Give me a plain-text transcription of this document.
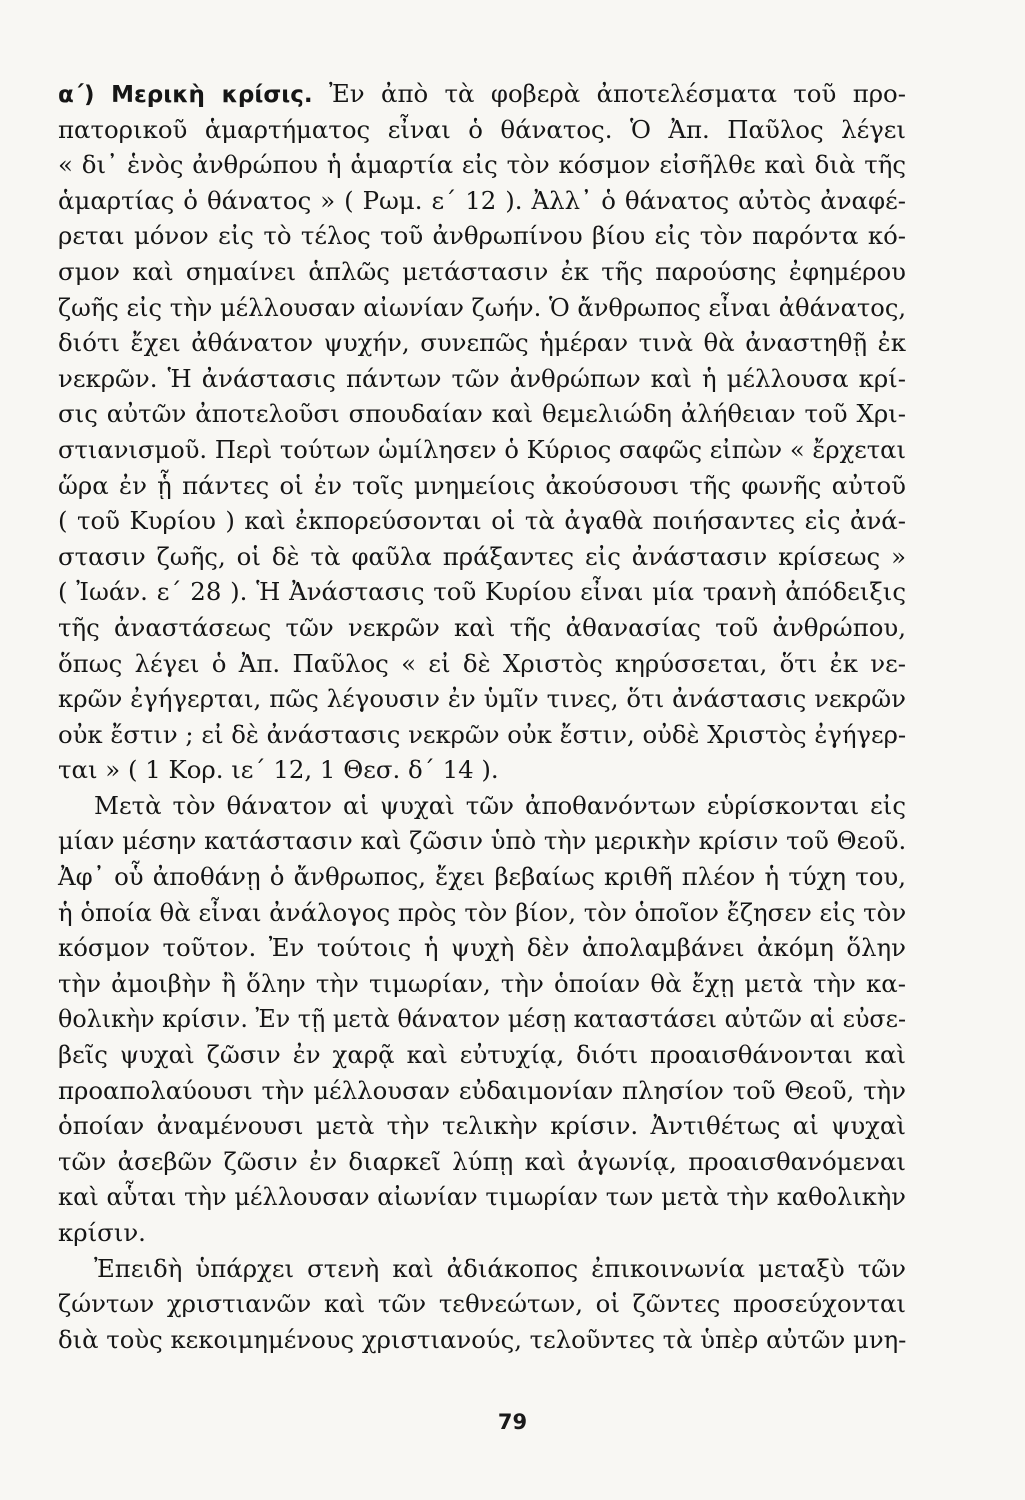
α΄) Μερικὴ κρίσις. Ἐν ἀπὸ τὰ φοβερὰ ἀποτελέσματα τοῦ προ-
πατορικοῦ ἁμαρτήματος εἶναι ὁ θάνατος. Ὁ Ἀπ. Παῦλος λέγει
« δι᾽ ἑνὸς ἀνθρώπου ἡ ἁμαρτία εἰς τὸν κόσμον εἰσῆλθε καὶ διὰ τῆς
ἁμαρτίας ὁ θάνατος » ( Ρωμ. ε΄ 12 ). Ἀλλ᾽ ὁ θάνατος αὐτὸς ἀναφέ-
ρεται μόνον εἰς τὸ τέλος τοῦ ἀνθρωπίνου βίου εἰς τὸν παρόντα κό-
σμον καὶ σημαίνει ἁπλῶς μετάστασιν ἐκ τῆς παρούσης ἐφημέρου
ζωῆς εἰς τὴν μέλλουσαν αἰωνίαν ζωήν. Ὁ ἄνθρωπος εἶναι ἀθάνατος,
διότι ἔχει ἀθάνατον ψυχήν, συνεπῶς ἡμέραν τινὰ θὰ ἀναστηθῇ ἐκ
νεκρῶν. Ἡ ἀνάστασις πάντων τῶν ἀνθρώπων καὶ ἡ μέλλουσα κρί-
σις αὐτῶν ἀποτελοῦσι σπουδαίαν καὶ θεμελιώδη ἀλήθειαν τοῦ Χρι-
στιανισμοῦ. Περὶ τούτων ὡμίλησεν ὁ Κύριος σαφῶς εἰπὼν « ἔρχεται
ὥρα ἐν ᾗ πάντες οἱ ἐν τοῖς μνημείοις ἀκούσουσι τῆς φωνῆς αὐτοῦ
( τοῦ Κυρίου ) καὶ ἐκπορεύσονται οἱ τὰ ἀγαθὰ ποιήσαντες εἰς ἀνά-
στασιν ζωῆς, οἱ δὲ τὰ φαῦλα πράξαντες εἰς ἀνάστασιν κρίσεως »
( Ἰωάν. ε΄ 28 ). Ἡ Ἀνάστασις τοῦ Κυρίου εἶναι μία τρανὴ ἀπόδειξις
τῆς ἀναστάσεως τῶν νεκρῶν καὶ τῆς ἀθανασίας τοῦ ἀνθρώπου,
ὅπως λέγει ὁ Ἀπ. Παῦλος « εἰ δὲ Χριστὸς κηρύσσεται, ὅτι ἐκ νε-
κρῶν ἐγήγερται, πῶς λέγουσιν ἐν ὑμῖν τινες, ὅτι ἀνάστασις νεκρῶν
οὐκ ἔστιν ; εἰ δὲ ἀνάστασις νεκρῶν οὐκ ἔστιν, οὐδὲ Χριστὸς ἐγήγερ-
ται » ( 1 Κορ. ιε΄ 12, 1 Θεσ. δ΄ 14 ).
Μετὰ τὸν θάνατον αἱ ψυχαὶ τῶν ἀποθανόντων εὑρίσκονται εἰς
μίαν μέσην κατάστασιν καὶ ζῶσιν ὑπὸ τὴν μερικὴν κρίσιν τοῦ Θεοῦ.
Ἀφ᾽ οὗ ἀποθάνῃ ὁ ἄνθρωπος, ἔχει βεβαίως κριθῆ πλέον ἡ τύχη του,
ἡ ὁποία θὰ εἶναι ἀνάλογος πρὸς τὸν βίον, τὸν ὁποῖον ἔζησεν εἰς τὸν
κόσμον τοῦτον. Ἐν τούτοις ἡ ψυχὴ δὲν ἀπολαμβάνει ἀκόμη ὅλην
τὴν ἀμοιβὴν ἢ ὅλην τὴν τιμωρίαν, τὴν ὁποίαν θὰ ἔχῃ μετὰ τὴν κα-
θολικὴν κρίσιν. Ἐν τῇ μετὰ θάνατον μέσῃ καταστάσει αὐτῶν αἱ εὐσε-
βεῖς ψυχαὶ ζῶσιν ἐν χαρᾷ καὶ εὐτυχίᾳ, διότι προαισθάνονται καὶ
προαπολαύουσι τὴν μέλλουσαν εὐδαιμονίαν πλησίον τοῦ Θεοῦ, τὴν
ὁποίαν ἀναμένουσι μετὰ τὴν τελικὴν κρίσιν. Ἀντιθέτως αἱ ψυχαὶ
τῶν ἀσεβῶν ζῶσιν ἐν διαρκεῖ λύπῃ καὶ ἀγωνίᾳ, προαισθανόμεναι
καὶ αὗται τὴν μέλλουσαν αἰωνίαν τιμωρίαν των μετὰ τὴν καθολικὴν
κρίσιν.
Ἐπειδὴ ὑπάρχει στενὴ καὶ ἀδιάκοπος ἐπικοινωνία μεταξὺ τῶν
ζώντων χριστιανῶν καὶ τῶν τεθνεώτων, οἱ ζῶντες προσεύχονται
διὰ τοὺς κεκοιμημένους χριστιανούς, τελοῦντες τὰ ὑπὲρ αὐτῶν μνη-
79
